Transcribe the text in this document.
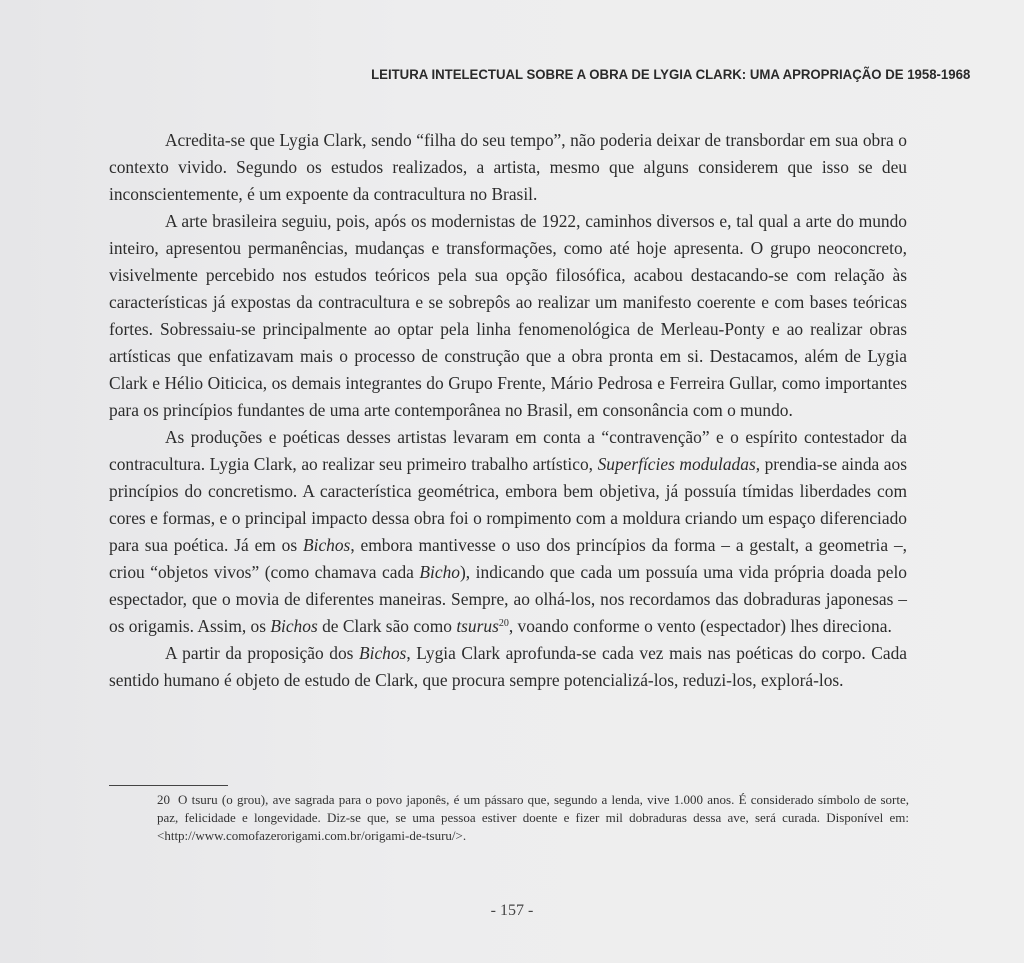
LEITURA INTELECTUAL SOBRE A OBRA DE LYGIA CLARK: UMA APROPRIAÇÃO DE 1958-1968

Acredita-se que Lygia Clark, sendo “filha do seu tempo”, não poderia deixar de transbordar em sua obra o contexto vivido. Segundo os estudos realizados, a artista, mesmo que alguns considerem que isso se deu inconscientemente, é um expoente da contracultura no Brasil.

A arte brasileira seguiu, pois, após os modernistas de 1922, caminhos diversos e, tal qual a arte do mundo inteiro, apresentou permanências, mudanças e transformações, como até hoje apresenta. O grupo neoconcreto, visivelmente percebido nos estudos teóricos pela sua opção filosófica, acabou destacando-se com relação às características já expostas da contracultura e se sobrepôs ao realizar um manifesto coerente e com bases teóricas fortes. Sobressaiu-se principalmente ao optar pela linha fenomenológica de Merleau-Ponty e ao realizar obras artísticas que enfatizavam mais o processo de construção que a obra pronta em si. Destacamos, além de Lygia Clark e Hélio Oiticica, os demais integrantes do Grupo Frente, Mário Pedrosa e Ferreira Gullar, como importantes para os princípios fundantes de uma arte contemporânea no Brasil, em consonância com o mundo.

As produções e poéticas desses artistas levaram em conta a “contravenção” e o espírito contestador da contracultura. Lygia Clark, ao realizar seu primeiro trabalho artístico, Superfícies moduladas, prendia-se ainda aos princípios do concretismo. A característica geométrica, embora bem objetiva, já possuía tímidas liberdades com cores e formas, e o principal impacto dessa obra foi o rompimento com a moldura criando um espaço diferenciado para sua poética. Já em os Bichos, embora mantivesse o uso dos princípios da forma – a gestalt, a geometria –, criou “objetos vivos” (como chamava cada Bicho), indicando que cada um possuía uma vida própria doada pelo espectador, que o movia de diferentes maneiras. Sempre, ao olhá-los, nos recordamos das dobraduras japonesas – os origamis. Assim, os Bichos de Clark são como tsurus$^{20}$, voando conforme o vento (espectador) lhes direciona.

A partir da proposição dos Bichos, Lygia Clark aprofunda-se cada vez mais nas poéticas do corpo. Cada sentido humano é objeto de estudo de Clark, que procura sempre potencializá-los, reduzi-los, explorá-los.

20 O tsuru (o grou), ave sagrada para o povo japonês, é um pássaro que, segundo a lenda, vive 1.000 anos. É considerado símbolo de sorte, paz, felicidade e longevidade. Diz-se que, se uma pessoa estiver doente e fizer mil dobraduras dessa ave, será curada. Disponível em: <http://www.comofazerorigami.com.br/origami-de-tsuru/>.
- 157 -
